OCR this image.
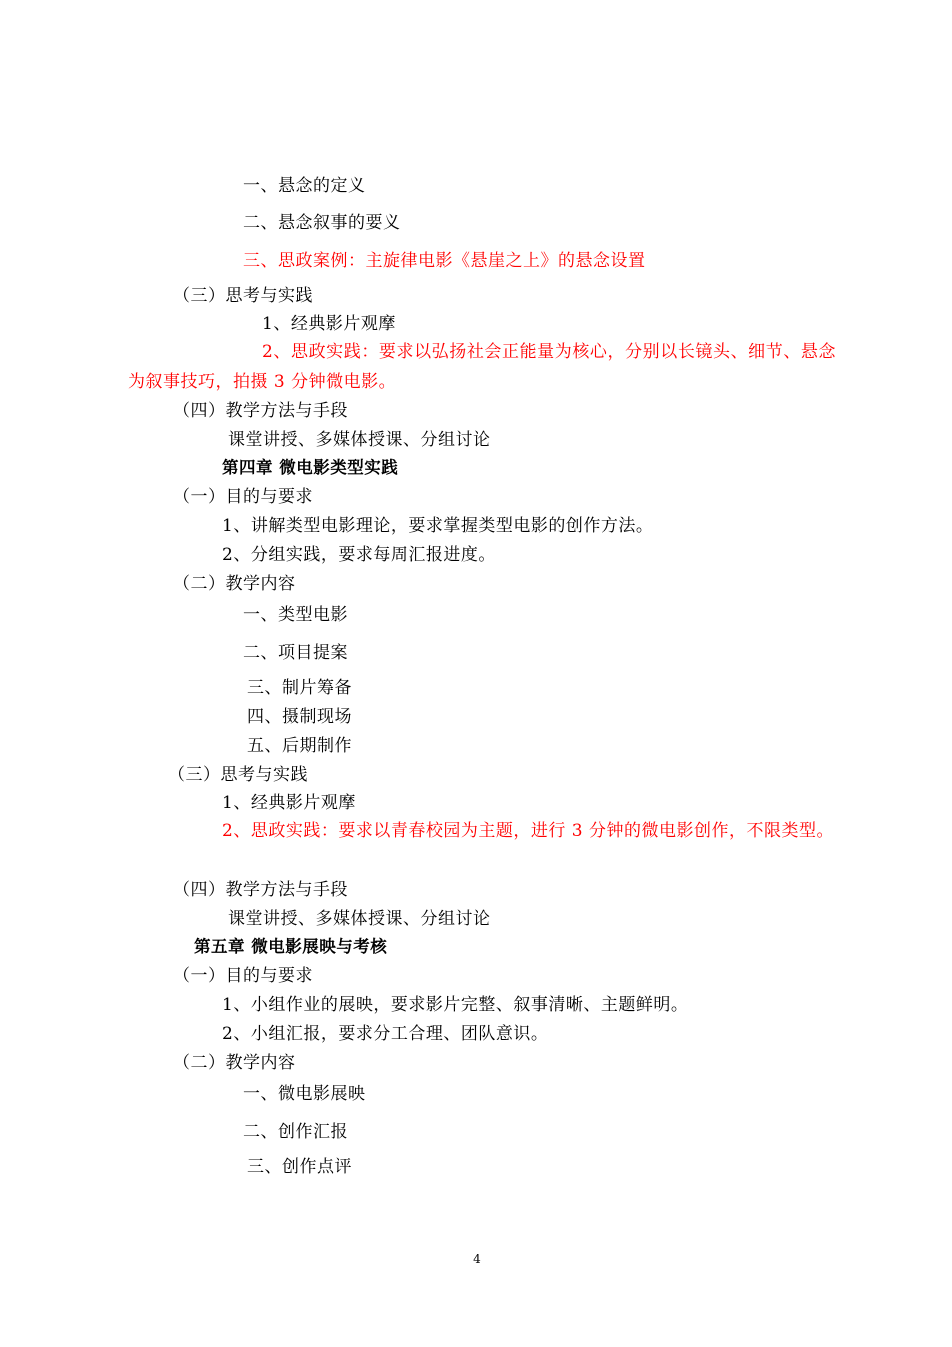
一、悬念的定义
二、悬念叙事的要义
三、思政案例：主旋律电影《悬崖之上》的悬念设置
（三）思考与实践
1、经典影片观摩
2、思政实践：要求以弘扬社会正能量为核心，分别以长镜头、细节、悬念为叙事技巧，拍摄 3 分钟微电影。
（四）教学方法与手段
课堂讲授、多媒体授课、分组讨论
第四章 微电影类型实践
（一）目的与要求
1、讲解类型电影理论，要求掌握类型电影的创作方法。
2、分组实践，要求每周汇报进度。
（二）教学内容
一、类型电影
二、项目提案
三、制片筹备
四、摄制现场
五、后期制作
（三）思考与实践
1、经典影片观摩
2、思政实践：要求以青春校园为主题，进行 3 分钟的微电影创作，不限类型。
（四）教学方法与手段
课堂讲授、多媒体授课、分组讨论
第五章 微电影展映与考核
（一）目的与要求
1、小组作业的展映，要求影片完整、叙事清晰、主题鲜明。
2、小组汇报，要求分工合理、团队意识。
（二）教学内容
一、微电影展映
二、创作汇报
三、创作点评
4
